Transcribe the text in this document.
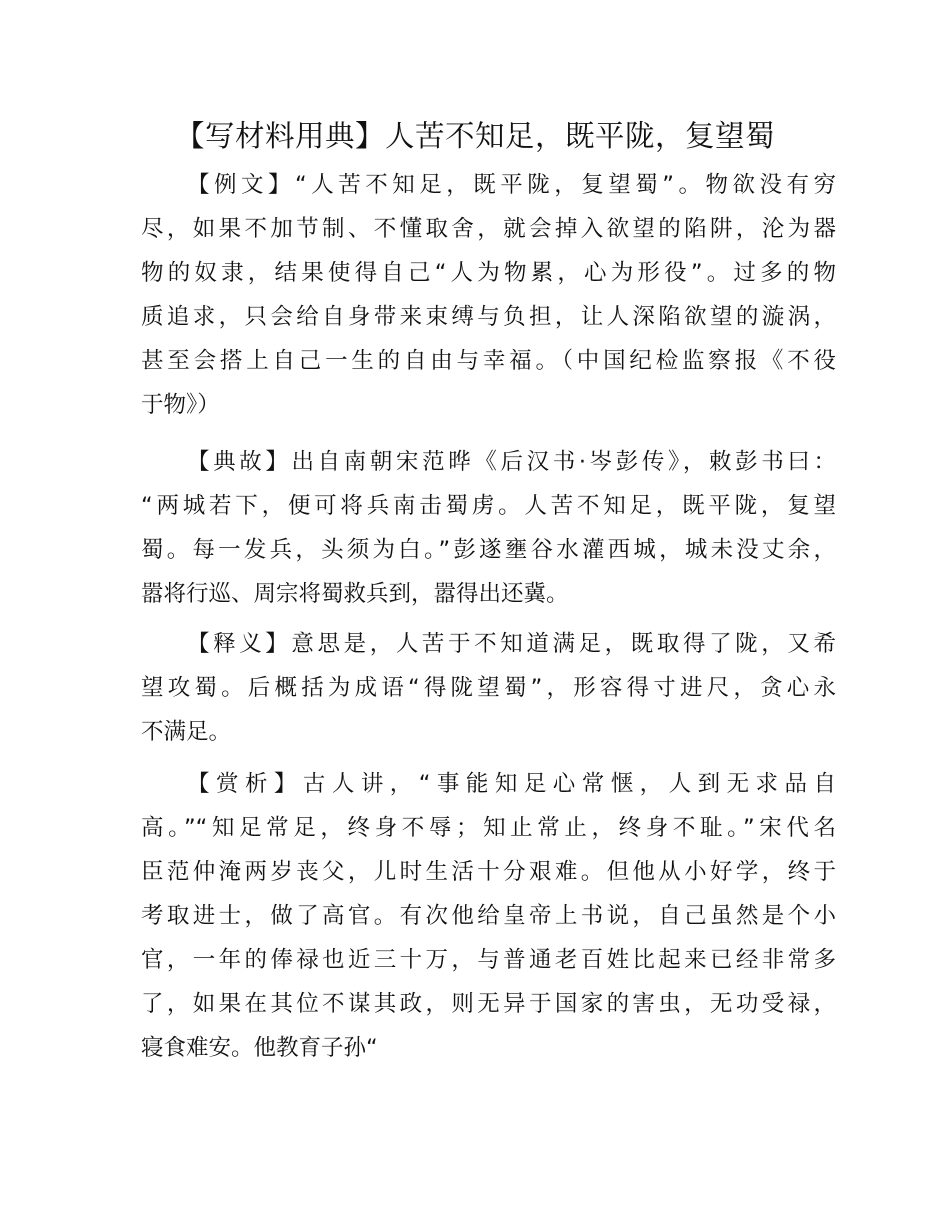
【写材料用典】人苦不知足，既平陇，复望蜀
【例文】“人苦不知足，既平陇，复望蜀”。物欲没有穷
尽，如果不加节制、不懂取舍，就会掉入欲望的陷阱，沦为器
物的奴隶，结果使得自己“人为物累，心为形役”。过多的物
质追求，只会给自身带来束缚与负担，让人深陷欲望的漩涡，
甚至会搭上自己一生的自由与幸福。（中国纪检监察报《不役
于物》）
【典故】出自南朝宋范晔《后汉书·岑彭传》，敕彭书曰：
“两城若下，便可将兵南击蜀虏。人苦不知足，既平陇，复望
蜀。每一发兵，头须为白。”彭遂壅谷水灌西城，城未没丈余，
嚣将行巡、周宗将蜀救兵到，嚣得出还冀。
【释义】意思是，人苦于不知道满足，既取得了陇，又希
望攻蜀。后概括为成语“得陇望蜀”，形容得寸进尺，贪心永
不满足。
【赏析】古人讲，“事能知足心常惬，人到无求品自
高。”“知足常足，终身不辱；知止常止，终身不耻。”宋代名
臣范仲淹两岁丧父，儿时生活十分艰难。但他从小好学，终于
考取进士，做了高官。有次他给皇帝上书说，自己虽然是个小
官，一年的俸禄也近三十万，与普通老百姓比起来已经非常多
了，如果在其位不谋其政，则无异于国家的害虫，无功受禄，
寝食难安。他教育子孙“
